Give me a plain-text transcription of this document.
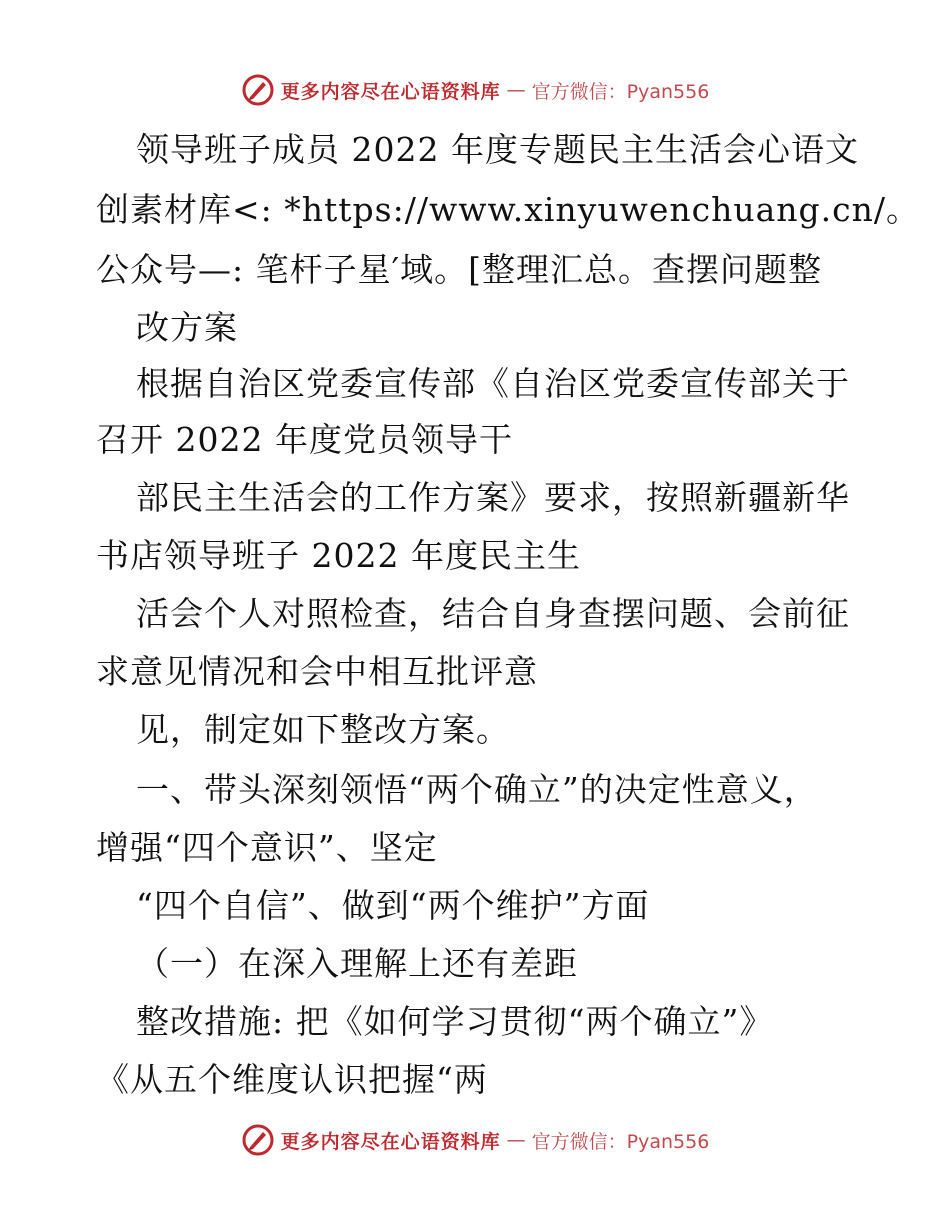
更多内容尽在心语资料库 — 官方微信：Pyan556
领导班子成员 2022 年度专题民主生活会心语文
创素材库<: *https://www.xinyuwenchuang.cn/。
公众号—: 笔杆子星′域。[整理汇总。查摆问题整
改方案
根据自治区党委宣传部《自治区党委宣传部关于
召开 2022 年度党员领导干
部民主生活会的工作方案》要求，按照新疆新华
书店领导班子 2022 年度民主生
活会个人对照检查，结合自身查摆问题、会前征
求意见情况和会中相互批评意
见，制定如下整改方案。
一、带头深刻领悟“两个确立”的决定性意义，
增强“四个意识”、坚定
“四个自信”、做到“两个维护”方面
（一）在深入理解上还有差距
整改措施: 把《如何学习贯彻“两个确立”》
《从五个维度认识把握“两
更多内容尽在心语资料库 — 官方微信：Pyan556
